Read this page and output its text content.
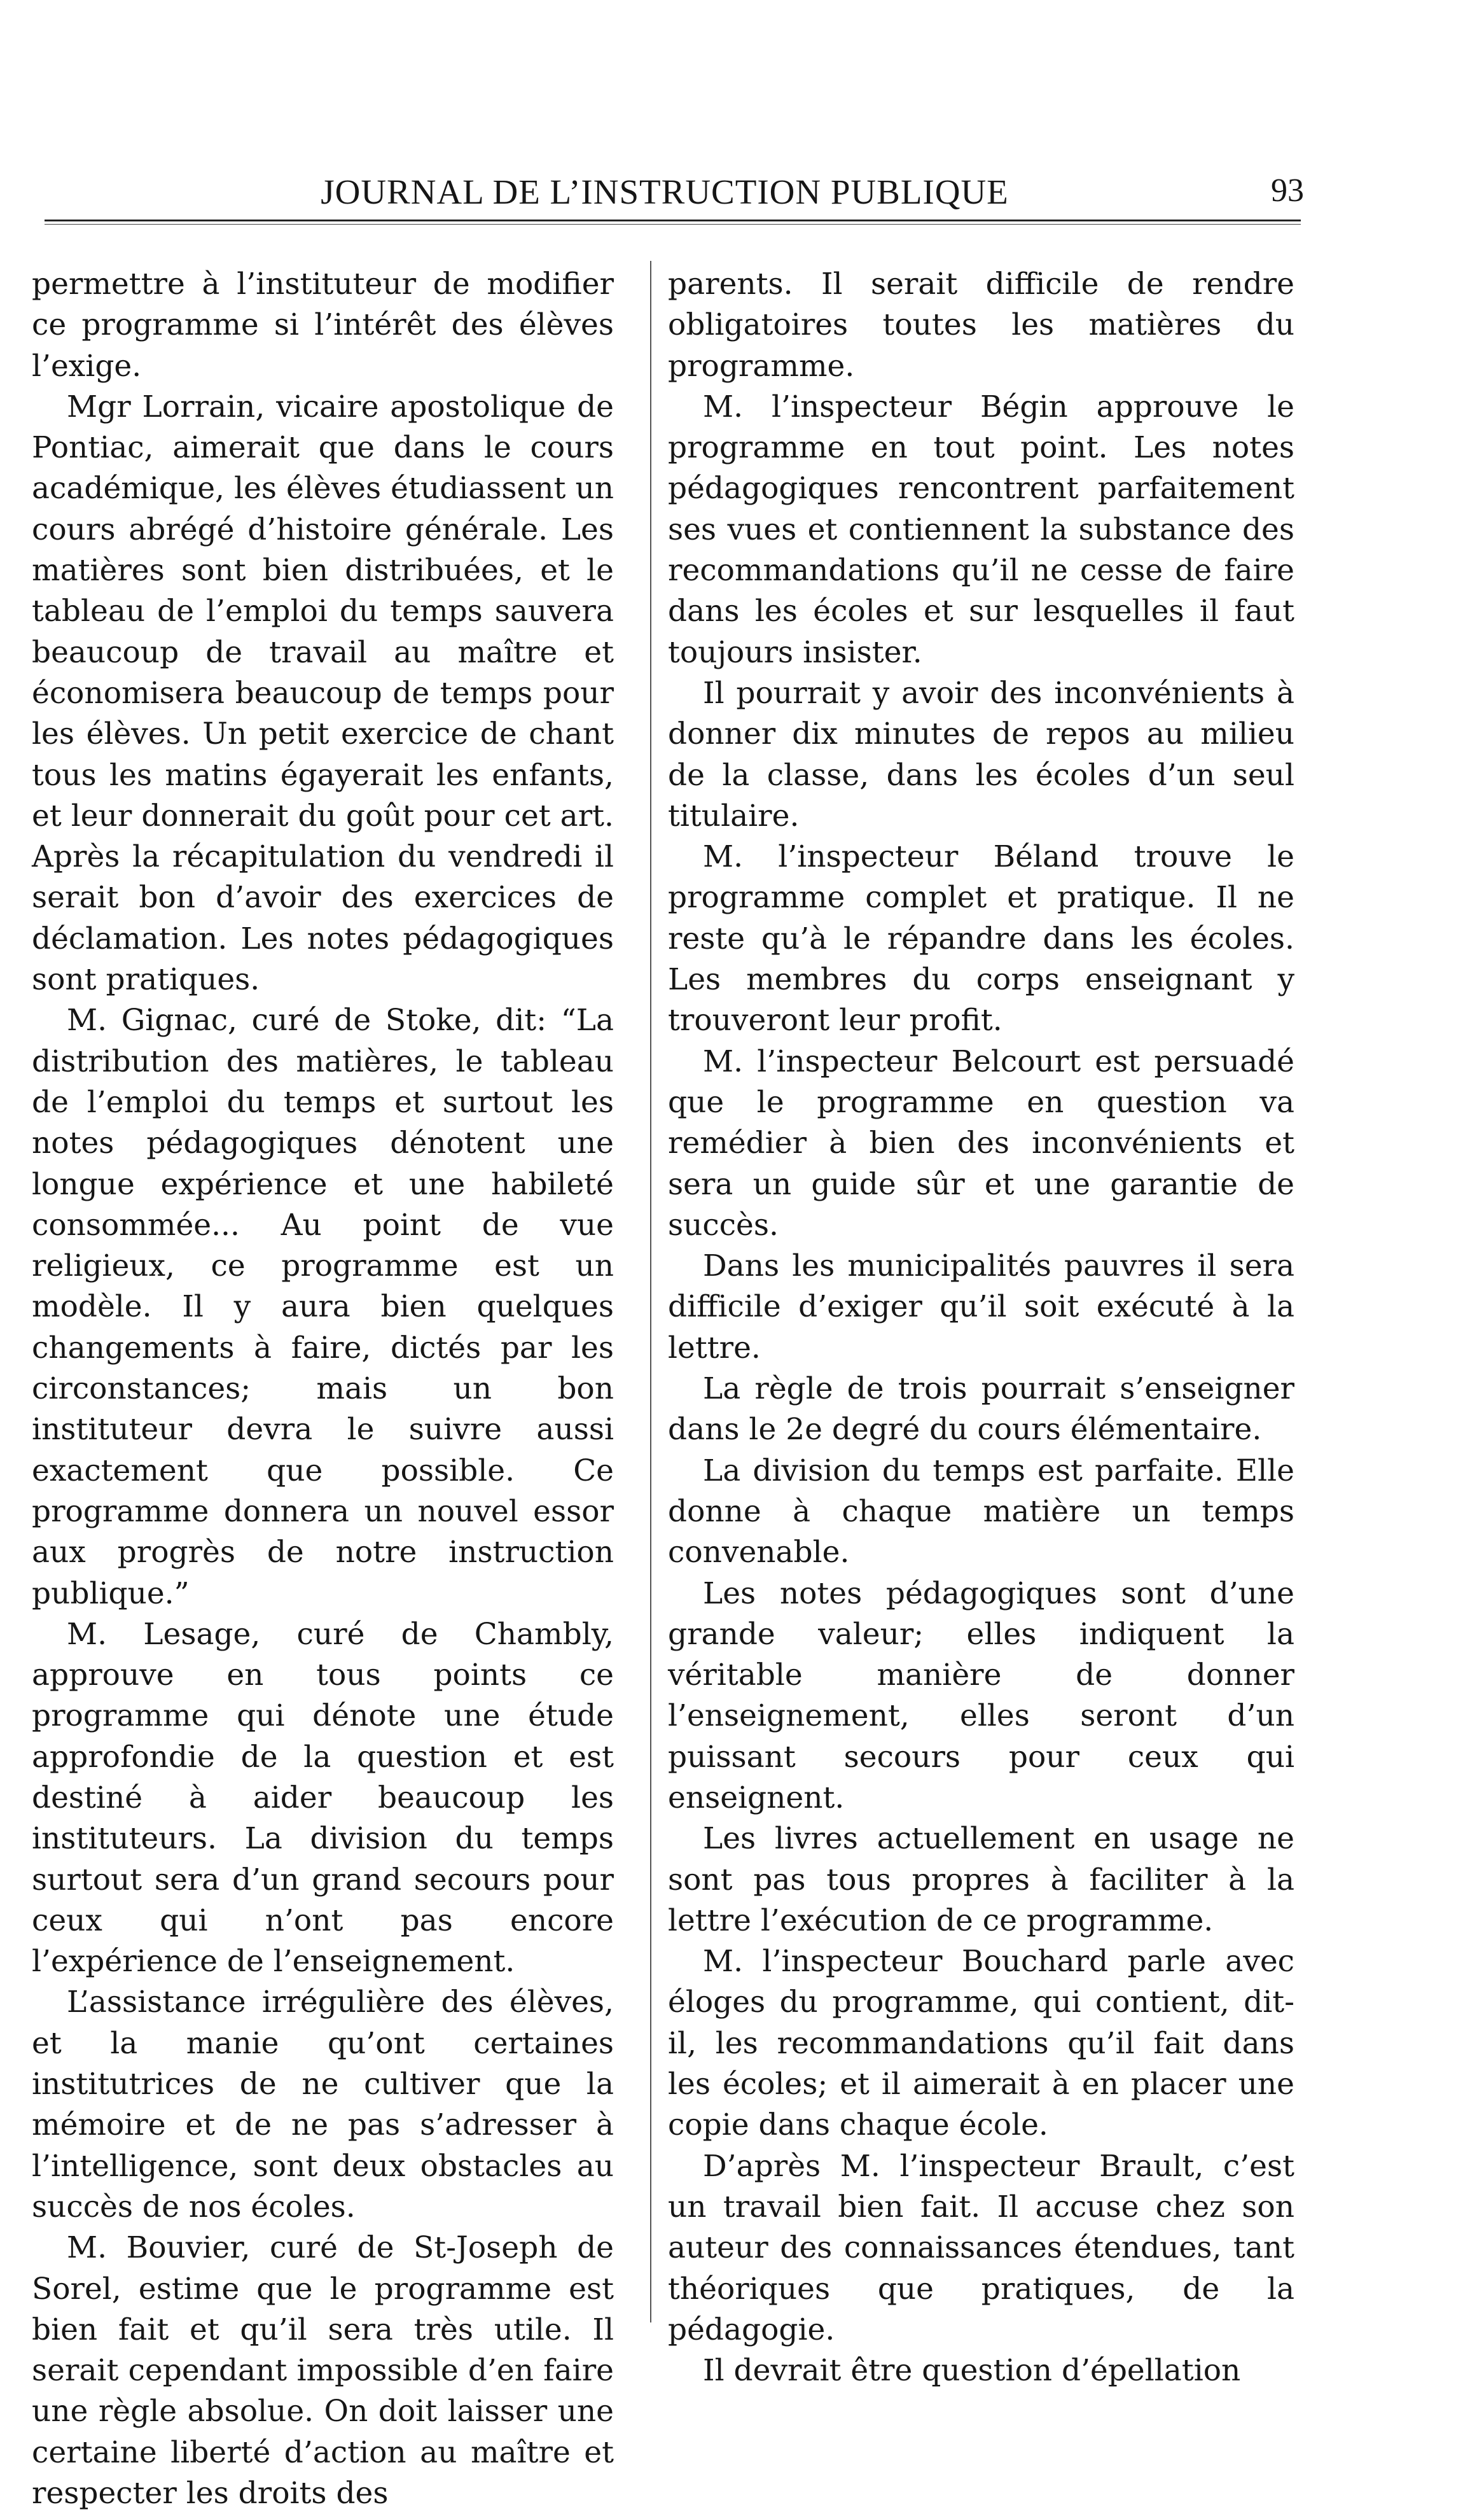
JOURNAL DE L’INSTRUCTION PUBLIQUE	93

permettre à l’instituteur de modifier ce programme si l’intérêt des élèves l’exige.

Mgr Lorrain, vicaire apostolique de Pontiac, aimerait que dans le cours académique, les élèves étudiassent un cours abrégé d’histoire générale. Les matières sont bien distribuées, et le tableau de l’emploi du temps sauvera beaucoup de travail au maître et économisera beaucoup de temps pour les élèves. Un petit exercice de chant tous les matins égayerait les enfants, et leur donnerait du goût pour cet art. Après la récapitulation du vendredi il serait bon d’avoir des exercices de déclamation. Les notes pédagogiques sont pratiques.

M. Gignac, curé de Stoke, dit: “La distribution des matières, le tableau de l’emploi du temps et surtout les notes pédagogiques dénotent une longue expérience et une habileté consommée... Au point de vue religieux, ce programme est un modèle. Il y aura bien quelques changements à faire, dictés par les circonstances; mais un bon instituteur devra le suivre aussi exactement que possible. Ce programme donnera un nouvel essor aux progrès de notre instruction publique.”

M. Lesage, curé de Chambly, approuve en tous points ce programme qui dénote une étude approfondie de la question et est destiné à aider beaucoup les instituteurs. La division du temps surtout sera d’un grand secours pour ceux qui n’ont pas encore l’expérience de l’enseignement.

L’assistance irrégulière des élèves, et la manie qu’ont certaines institutrices de ne cultiver que la mémoire et de ne pas s’adresser à l’intelligence, sont deux obstacles au succès de nos écoles.

M. Bouvier, curé de St-Joseph de Sorel, estime que le programme est bien fait et qu’il sera très utile. Il serait cependant impossible d’en faire une règle absolue. On doit laisser une certaine liberté d’action au maître et respecter les droits des

parents. Il serait difficile de rendre obligatoires toutes les matières du programme.

M. l’inspecteur Bégin approuve le programme en tout point. Les notes pédagogiques rencontrent parfaitement ses vues et contiennent la substance des recommandations qu’il ne cesse de faire dans les écoles et sur lesquelles il faut toujours insister.

Il pourrait y avoir des inconvénients à donner dix minutes de repos au milieu de la classe, dans les écoles d’un seul titulaire.

M. l’inspecteur Béland trouve le programme complet et pratique. Il ne reste qu’à le répandre dans les écoles. Les membres du corps enseignant y trouveront leur profit.

M. l’inspecteur Belcourt est persuadé que le programme en question va remédier à bien des inconvénients et sera un guide sûr et une garantie de succès.

Dans les municipalités pauvres il sera difficile d’exiger qu’il soit exécuté à la lettre.

La règle de trois pourrait s’enseigner dans le 2e degré du cours élémentaire.

La division du temps est parfaite. Elle donne à chaque matière un temps convenable.

Les notes pédagogiques sont d’une grande valeur; elles indiquent la véritable manière de donner l’enseignement, elles seront d’un puissant secours pour ceux qui enseignent.

Les livres actuellement en usage ne sont pas tous propres à faciliter à la lettre l’exécution de ce programme.

M. l’inspecteur Bouchard parle avec éloges du programme, qui contient, dit-il, les recommandations qu’il fait dans les écoles; et il aimerait à en placer une copie dans chaque école.

D’après M. l’inspecteur Brault, c’est un travail bien fait. Il accuse chez son auteur des connaissances étendues, tant théoriques que pratiques, de la pédagogie.

Il devrait être question d’épellation
